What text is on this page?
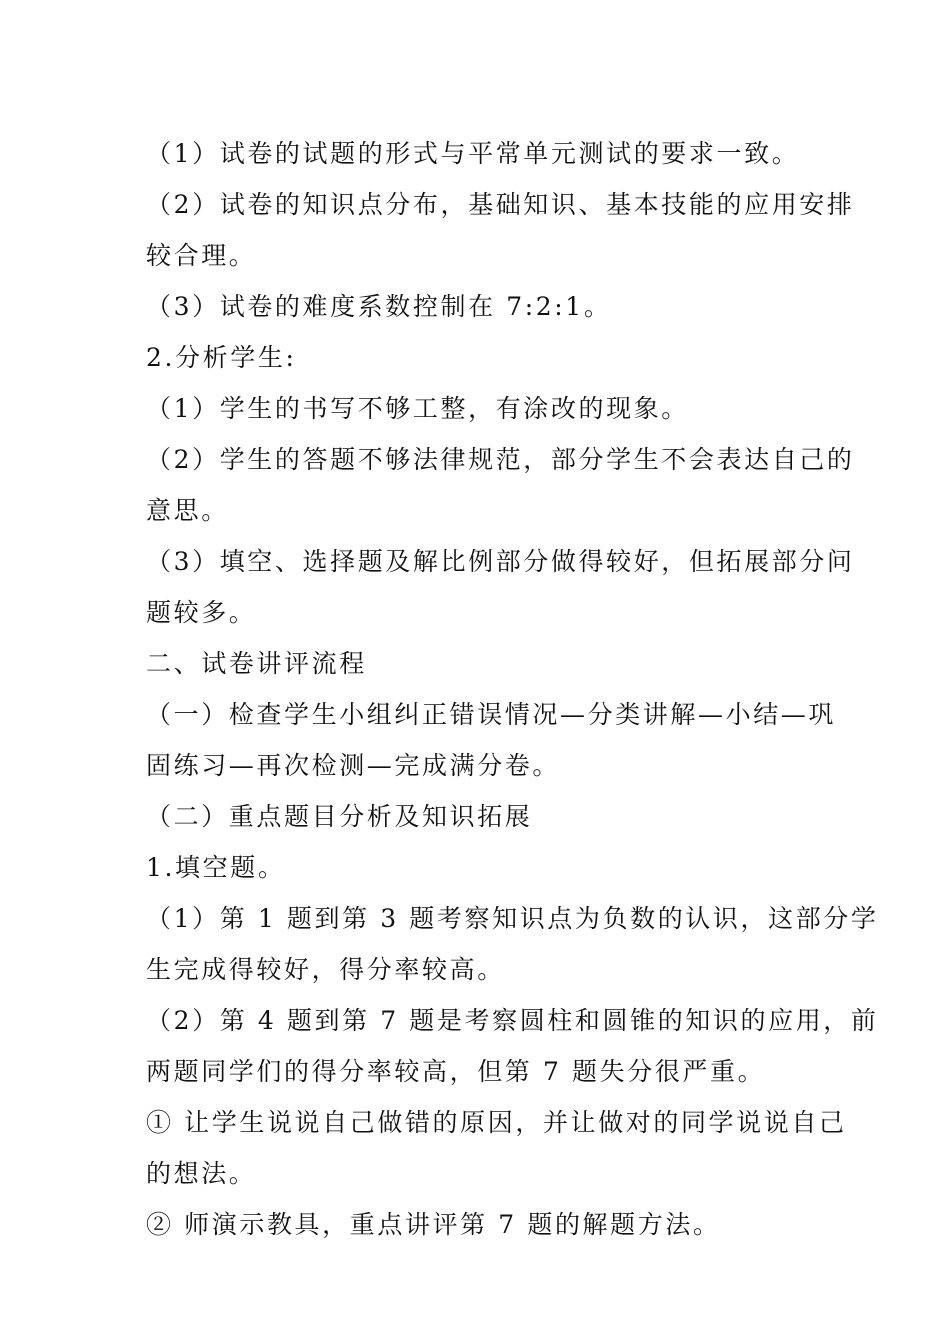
（1）试卷的试题的形式与平常单元测试的要求一致。
（2）试卷的知识点分布，基础知识、基本技能的应用安排
较合理。
（3）试卷的难度系数控制在 7:2:1。
2.分析学生:
（1）学生的书写不够工整，有涂改的现象。
（2）学生的答题不够法律规范，部分学生不会表达自己的
意思。
（3）填空、选择题及解比例部分做得较好，但拓展部分问
题较多。
二、试卷讲评流程
（一）检查学生小组纠正错误情况—分类讲解—小结—巩
固练习—再次检测—完成满分卷。
（二）重点题目分析及知识拓展
1.填空题。
（1）第 1 题到第 3 题考察知识点为负数的认识，这部分学
生完成得较好，得分率较高。
（2）第 4 题到第 7 题是考察圆柱和圆锥的知识的应用，前
两题同学们的得分率较高，但第 7 题失分很严重。
① 让学生说说自己做错的原因，并让做对的同学说说自己
的想法。
② 师演示教具，重点讲评第 7 题的解题方法。
